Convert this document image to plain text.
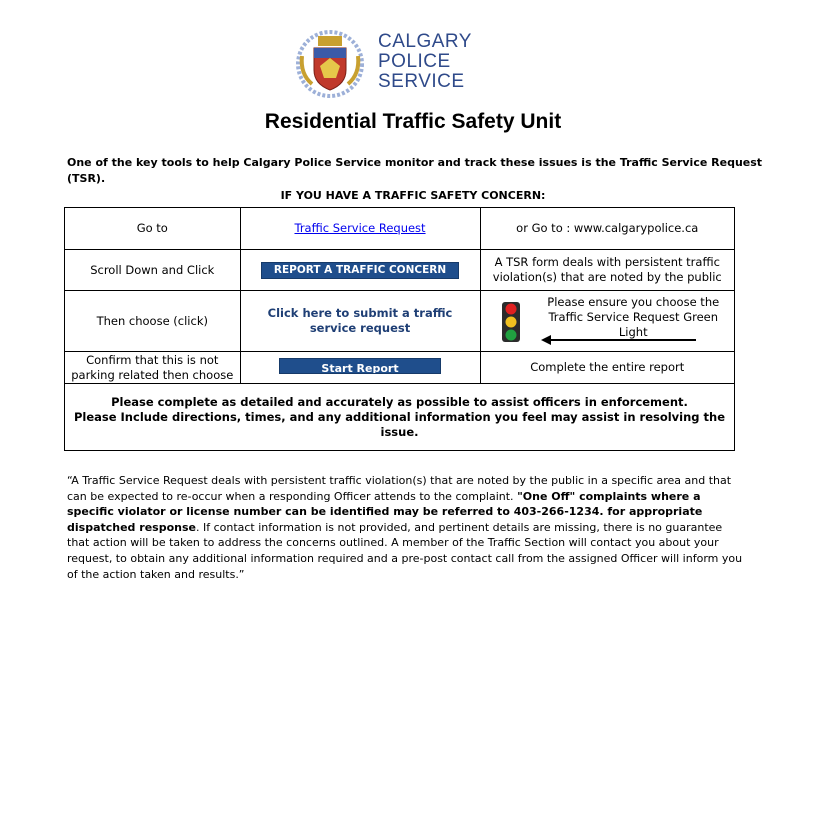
CALGARY
POLICE
SERVICE
Residential Traffic Safety Unit
One of the key tools to help Calgary Police Service monitor and track these issues is the Traffic Service Request (TSR).
IF YOU HAVE A TRAFFIC SAFETY CONCERN:
Go to	Traffic Service Request	or Go to : www.calgarypolice.ca
Scroll Down and Click	REPORT A TRAFFIC CONCERN	A TSR form deals with persistent traffic violation(s) that are noted by the public
Then choose (click)	Click here to submit a traffic service request	Please ensure you choose the Traffic Service Request Green Light

Confirm that this is not parking related then choose	Start Report	Complete the entire report

Please complete as detailed and accurately as possible to assist officers in enforcement.
Please Include directions, times, and any additional information you feel may assist in resolving the issue.		
“A Traffic Service Request deals with persistent traffic violation(s) that are noted by the public in a specific area and that can be expected to re-occur when a responding Officer attends to the complaint. "One Off" complaints where a specific violator or license number can be identified may be referred to 403-266-1234. for appropriate dispatched response. If contact information is not provided, and pertinent details are missing, there is no guarantee that action will be taken to address the concerns outlined. A member of the Traffic Section will contact you about your request, to obtain any additional information required and a pre-post contact call from the assigned Officer will inform you of the action taken and results.”
